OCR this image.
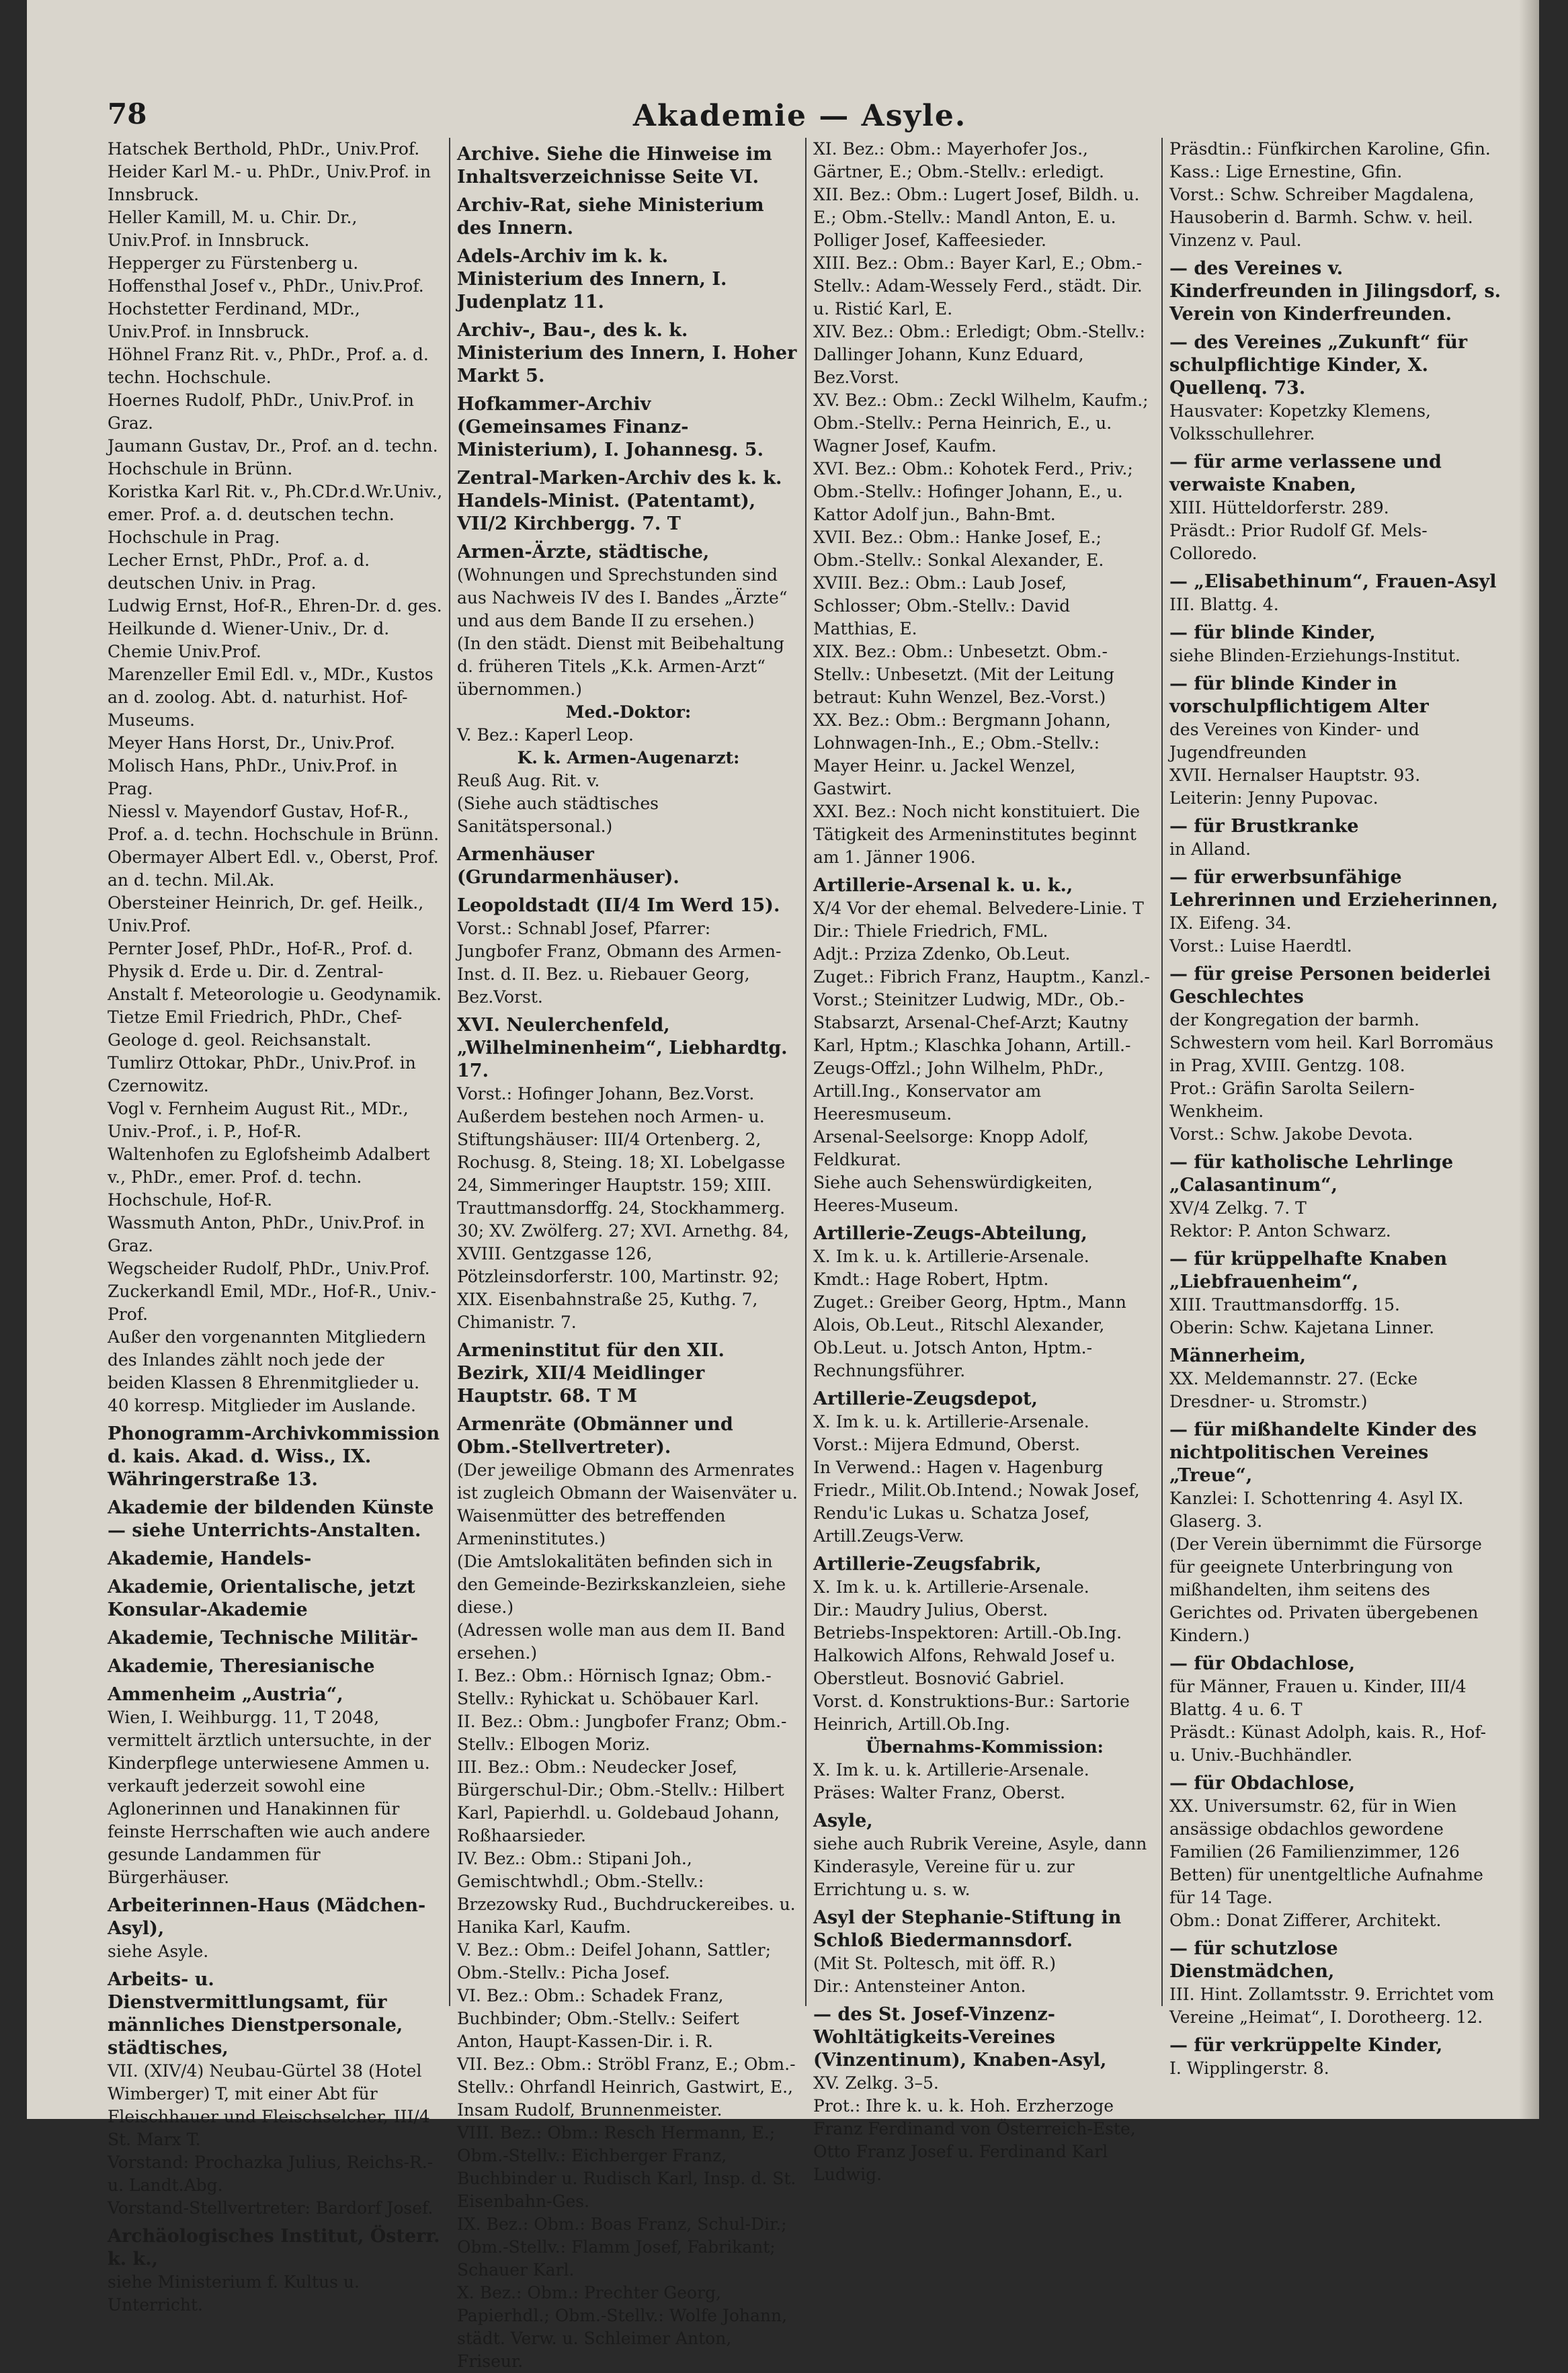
78	Akademie — Asyle.

Hatschek Berthold, PhDr., Univ.Prof.

Heider Karl M.- u. PhDr., Univ.Prof. in Innsbruck.

Heller Kamill, M. u. Chir. Dr., Univ.Prof. in Innsbruck.

Hepperger zu Fürstenberg u. Hoffensthal Josef v., PhDr., Univ.Prof.

Hochstetter Ferdinand, MDr., Univ.Prof. in Innsbruck.

Höhnel Franz Rit. v., PhDr., Prof. a. d. techn. Hochschule.

Hoernes Rudolf, PhDr., Univ.Prof. in Graz.

Jaumann Gustav, Dr., Prof. an d. techn. Hochschule in Brünn.

Koristka Karl Rit. v., Ph.CDr.d.Wr.Univ., emer. Prof. a. d. deutschen techn. Hochschule in Prag.

Lecher Ernst, PhDr., Prof. a. d. deutschen Univ. in Prag.

Ludwig Ernst, Hof-R., Ehren-Dr. d. ges. Heilkunde d. Wiener-Univ., Dr. d. Chemie Univ.Prof.

Marenzeller Emil Edl. v., MDr., Kustos an d. zoolog. Abt. d. naturhist. Hof-Museums.

Meyer Hans Horst, Dr., Univ.Prof.

Molisch Hans, PhDr., Univ.Prof. in Prag.

Niessl v. Mayendorf Gustav, Hof-R., Prof. a. d. techn. Hochschule in Brünn.

Obermayer Albert Edl. v., Oberst, Prof. an d. techn. Mil.Ak.

Obersteiner Heinrich, Dr. gef. Heilk., Univ.Prof.

Pernter Josef, PhDr., Hof-R., Prof. d. Physik d. Erde u. Dir. d. Zentral-Anstalt f. Meteorologie u. Geodynamik.

Tietze Emil Friedrich, PhDr., Chef-Geologe d. geol. Reichsanstalt.

Tumlirz Ottokar, PhDr., Univ.Prof. in Czernowitz.

Vogl v. Fernheim August Rit., MDr., Univ.-Prof., i. P., Hof-R.

Waltenhofen zu Eglofsheimb Adalbert v., PhDr., emer. Prof. d. techn. Hochschule, Hof-R.

Wassmuth Anton, PhDr., Univ.Prof. in Graz.

Wegscheider Rudolf, PhDr., Univ.Prof.

Zuckerkandl Emil, MDr., Hof-R., Univ.-Prof.

Außer den vorgenannten Mitgliedern des Inlandes zählt noch jede der beiden Klassen 8 Ehrenmitglieder u. 40 korresp. Mitglieder im Auslande.

Phonogramm-Archivkommission d. kais. Akad. d. Wiss., IX. Währingerstraße 13.

Akademie der bildenden Künste — siehe Unterrichts-Anstalten.

Akademie, Handels-

Akademie, Orientalische, jetzt Konsular-Akademie

Akademie, Technische Militär-

Akademie, Theresianische

Ammenheim „Austria“,

Wien, I. Weihburgg. 11, T 2048, vermittelt ärztlich untersuchte, in der Kinderpflege unterwiesene Ammen u. verkauft jederzeit sowohl eine Aglonerinnen und Hanakinnen für feinste Herrschaften wie auch andere gesunde Landammen für Bürgerhäuser.

Arbeiterinnen-Haus (Mädchen-Asyl),

siehe Asyle.

Arbeits- u. Dienstvermittlungsamt, für männliches Dienstpersonale, städtisches,

VII. (XIV/4) Neubau-Gürtel 38 (Hotel Wimberger) T, mit einer Abt für Fleischhauer und Fleischselcher, III/4 St. Marx T.

Vorstand: Prochazka Julius, Reichs-R.-u. Landt.Abg.

Vorstand-Stellvertreter: Bardorf Josef.

Archäologisches Institut, Österr. k. k.,

siehe Ministerium f. Kultus u. Unterricht.

Archive. Siehe die Hinweise im Inhaltsverzeichnisse Seite VI.

Archiv-Rat, siehe Ministerium des Innern.

Adels-Archiv im k. k. Ministerium des Innern, I. Judenplatz 11.

Archiv-, Bau-, des k. k. Ministerium des Innern, I. Hoher Markt 5.

Hofkammer-Archiv (Gemeinsames Finanz-Ministerium), I. Johannesg. 5.

Zentral-Marken-Archiv des k. k. Handels-Minist. (Patentamt), VII/2 Kirchbergg. 7. T

Armen-Ärzte, städtische,

(Wohnungen und Sprechstunden sind aus Nachweis IV des I. Bandes „Ärzte“ und aus dem Bande II zu ersehen.)

(In den städt. Dienst mit Beibehaltung d. früheren Titels „K.k. Armen-Arzt“ übernommen.)

Med.-Doktor:

V. Bez.: Kaperl Leop.

K. k. Armen-Augenarzt:

Reuß Aug. Rit. v.

(Siehe auch städtisches Sanitätspersonal.)

Armenhäuser (Grundarmenhäuser).

Leopoldstadt (II/4 Im Werd 15).

Vorst.: Schnabl Josef, Pfarrer: Jungbofer Franz, Obmann des Armen-Inst. d. II. Bez. u. Riebauer Georg, Bez.Vorst.

XVI. Neulerchenfeld, „Wilhelminenheim“, Liebhardtg. 17.

Vorst.: Hofinger Johann, Bez.Vorst.

Außerdem bestehen noch Armen- u. Stiftungshäuser: III/4 Ortenberg. 2, Rochusg. 8, Steing. 18; XI. Lobelgasse 24, Simmeringer Hauptstr. 159; XIII. Trauttmansdorffg. 24, Stockhammerg. 30; XV. Zwölferg. 27; XVI. Arnethg. 84, XVIII. Gentzgasse 126, Pötzleinsdorferstr. 100, Martinstr. 92; XIX. Eisenbahnstraße 25, Kuthg. 7, Chimanistr. 7.

Armeninstitut für den XII. Bezirk, XII/4 Meidlinger Hauptstr. 68. T M

Armenräte (Obmänner und Obm.-Stellvertreter).

(Der jeweilige Obmann des Armenrates ist zugleich Obmann der Waisenväter u. Waisenmütter des betreffenden Armeninstitutes.)

(Die Amtslokalitäten befinden sich in den Gemeinde-Bezirkskanzleien, siehe diese.)

(Adressen wolle man aus dem II. Band ersehen.)

I. Bez.: Obm.: Hörnisch Ignaz; Obm.-Stellv.: Ryhickat u. Schöbauer Karl.

II. Bez.: Obm.: Jungbofer Franz; Obm.-Stellv.: Elbogen Moriz.

III. Bez.: Obm.: Neudecker Josef, Bürgerschul-Dir.; Obm.-Stellv.: Hilbert Karl, Papierhdl. u. Goldebaud Johann, Roßhaarsieder.

IV. Bez.: Obm.: Stipani Joh., Gemischtwhdl.; Obm.-Stellv.: Brzezowsky Rud., Buchdruckereibes. u. Hanika Karl, Kaufm.

V. Bez.: Obm.: Deifel Johann, Sattler; Obm.-Stellv.: Picha Josef.

VI. Bez.: Obm.: Schadek Franz, Buchbinder; Obm.-Stellv.: Seifert Anton, Haupt-Kassen-Dir. i. R.

VII. Bez.: Obm.: Ströbl Franz, E.; Obm.-Stellv.: Ohrfandl Heinrich, Gastwirt, E., Insam Rudolf, Brunnenmeister.

VIII. Bez.: Obm.: Resch Hermann, E.; Obm.-Stellv.: Eichberger Franz, Buchbinder u. Rudisch Karl, Insp. d. St. Eisenbahn-Ges.

IX. Bez.: Obm.: Boas Franz, Schul-Dir.; Obm.-Stellv.: Flamm Josef, Fabrikant; Schauer Karl.

X. Bez.: Obm.: Prechter Georg, Papierhdl.; Obm.-Stellv.: Wolfe Johann, städt. Verw. u. Schleimer Anton, Friseur.

XI. Bez.: Obm.: Mayerhofer Jos., Gärtner, E.; Obm.-Stellv.: erledigt.

XII. Bez.: Obm.: Lugert Josef, Bildh. u. E.; Obm.-Stellv.: Mandl Anton, E. u. Polliger Josef, Kaffeesieder.

XIII. Bez.: Obm.: Bayer Karl, E.; Obm.-Stellv.: Adam-Wessely Ferd., städt. Dir. u. Ristić Karl, E.

XIV. Bez.: Obm.: Erledigt; Obm.-Stellv.: Dallinger Johann, Kunz Eduard, Bez.Vorst.

XV. Bez.: Obm.: Zeckl Wilhelm, Kaufm.; Obm.-Stellv.: Perna Heinrich, E., u. Wagner Josef, Kaufm.

XVI. Bez.: Obm.: Kohotek Ferd., Priv.; Obm.-Stellv.: Hofinger Johann, E., u. Kattor Adolf jun., Bahn-Bmt.

XVII. Bez.: Obm.: Hanke Josef, E.; Obm.-Stellv.: Sonkal Alexander, E.

XVIII. Bez.: Obm.: Laub Josef, Schlosser; Obm.-Stellv.: David Matthias, E.

XIX. Bez.: Obm.: Unbesetzt. Obm.-Stellv.: Unbesetzt. (Mit der Leitung betraut: Kuhn Wenzel, Bez.-Vorst.)

XX. Bez.: Obm.: Bergmann Johann, Lohnwagen-Inh., E.; Obm.-Stellv.: Mayer Heinr. u. Jackel Wenzel, Gastwirt.

XXI. Bez.: Noch nicht konstituiert. Die Tätigkeit des Armeninstitutes beginnt am 1. Jänner 1906.

Artillerie-Arsenal k. u. k.,

X/4 Vor der ehemal. Belvedere-Linie. T

Dir.: Thiele Friedrich, FML.

Adjt.: Prziza Zdenko, Ob.Leut.

Zuget.: Fibrich Franz, Hauptm., Kanzl.-Vorst.; Steinitzer Ludwig, MDr., Ob.-Stabsarzt, Arsenal-Chef-Arzt; Kautny Karl, Hptm.; Klaschka Johann, Artill.-Zeugs-Offzl.; John Wilhelm, PhDr., Artill.Ing., Konservator am Heeresmuseum.

Arsenal-Seelsorge: Knopp Adolf, Feldkurat.

Siehe auch Sehenswürdigkeiten, Heeres-Museum.

Artillerie-Zeugs-Abteilung,

X. Im k. u. k. Artillerie-Arsenale.

Kmdt.: Hage Robert, Hptm.

Zuget.: Greiber Georg, Hptm., Mann Alois, Ob.Leut., Ritschl Alexander, Ob.Leut. u. Jotsch Anton, Hptm.-Rechnungsführer.

Artillerie-Zeugsdepot,

X. Im k. u. k. Artillerie-Arsenale.

Vorst.: Mijera Edmund, Oberst.

In Verwend.: Hagen v. Hagenburg Friedr., Milit.Ob.Intend.; Nowak Josef, Rendu'ic Lukas u. Schatza Josef, Artill.Zeugs-Verw.

Artillerie-Zeugsfabrik,

X. Im k. u. k. Artillerie-Arsenale.

Dir.: Maudry Julius, Oberst.

Betriebs-Inspektoren: Artill.-Ob.Ing. Halkowich Alfons, Rehwald Josef u. Oberstleut. Bosnović Gabriel.

Vorst. d. Konstruktions-Bur.: Sartorie Heinrich, Artill.Ob.Ing.

Übernahms-Kommission:

X. Im k. u. k. Artillerie-Arsenale.

Präses: Walter Franz, Oberst.

Asyle,

siehe auch Rubrik Vereine, Asyle, dann Kinderasyle, Vereine für u. zur Errichtung u. s. w.

Asyl der Stephanie-Stiftung in Schloß Biedermannsdorf.

(Mit St. Poltesch, mit öff. R.)

Dir.: Antensteiner Anton.

— des St. Josef-Vinzenz-Wohltätigkeits-Vereines (Vinzentinum), Knaben-Asyl,

XV. Zelkg. 3–5.

Prot.: Ihre k. u. k. Hoh. Erzherzoge Franz Ferdinand von Österreich-Este, Otto Franz Josef u. Ferdinand Karl Ludwig.

Präsdtin.: Fünfkirchen Karoline, Gfin.

Kass.: Lige Ernestine, Gfin.

Vorst.: Schw. Schreiber Magdalena, Hausoberin d. Barmh. Schw. v. heil. Vinzenz v. Paul.

— des Vereines v. Kinderfreunden in Jilingsdorf, s. Verein von Kinderfreunden.

— des Vereines „Zukunft“ für schulpflichtige Kinder, X. Quellenq. 73.

Hausvater: Kopetzky Klemens, Volksschullehrer.

— für arme verlassene und verwaiste Knaben,

XIII. Hütteldorferstr. 289.

Präsdt.: Prior Rudolf Gf. Mels-Colloredo.

— „Elisabethinum“, Frauen-Asyl

III. Blattg. 4.

— für blinde Kinder,

siehe Blinden-Erziehungs-Institut.

— für blinde Kinder in vorschulpflichtigem Alter

des Vereines von Kinder- und Jugendfreunden

XVII. Hernalser Hauptstr. 93.

Leiterin: Jenny Pupovac.

— für Brustkranke

in Alland.

— für erwerbsunfähige Lehrerinnen und Erzieherinnen,

IX. Eifeng. 34.

Vorst.: Luise Haerdtl.

— für greise Personen beiderlei Geschlechtes

der Kongregation der barmh. Schwestern vom heil. Karl Borromäus in Prag, XVIII. Gentzg. 108.

Prot.: Gräfin Sarolta Seilern-Wenkheim.

Vorst.: Schw. Jakobe Devota.

— für katholische Lehrlinge „Calasantinum“,

XV/4 Zelkg. 7. T

Rektor: P. Anton Schwarz.

— für krüppelhafte Knaben „Liebfrauenheim“,

XIII. Trauttmansdorffg. 15.

Oberin: Schw. Kajetana Linner.

Männerheim,

XX. Meldemannstr. 27. (Ecke Dresdner- u. Stromstr.)

— für mißhandelte Kinder des nichtpolitischen Vereines „Treue“,

Kanzlei: I. Schottenring 4. Asyl IX. Glaserg. 3.

(Der Verein übernimmt die Fürsorge für geeignete Unterbringung von mißhandelten, ihm seitens des Gerichtes od. Privaten übergebenen Kindern.)

— für Obdachlose,

für Männer, Frauen u. Kinder, III/4 Blattg. 4 u. 6. T

Präsdt.: Künast Adolph, kais. R., Hof- u. Univ.-Buchhändler.

— für Obdachlose,

XX. Universumstr. 62, für in Wien ansässige obdachlos gewordene Familien (26 Familienzimmer, 126 Betten) für unentgeltliche Aufnahme für 14 Tage.

Obm.: Donat Zifferer, Architekt.

— für schutzlose Dienstmädchen,

III. Hint. Zollamtsstr. 9. Errichtet vom Vereine „Heimat“, I. Dorotheerg. 12.

— für verkrüppelte Kinder,

I. Wipplingerstr. 8.
